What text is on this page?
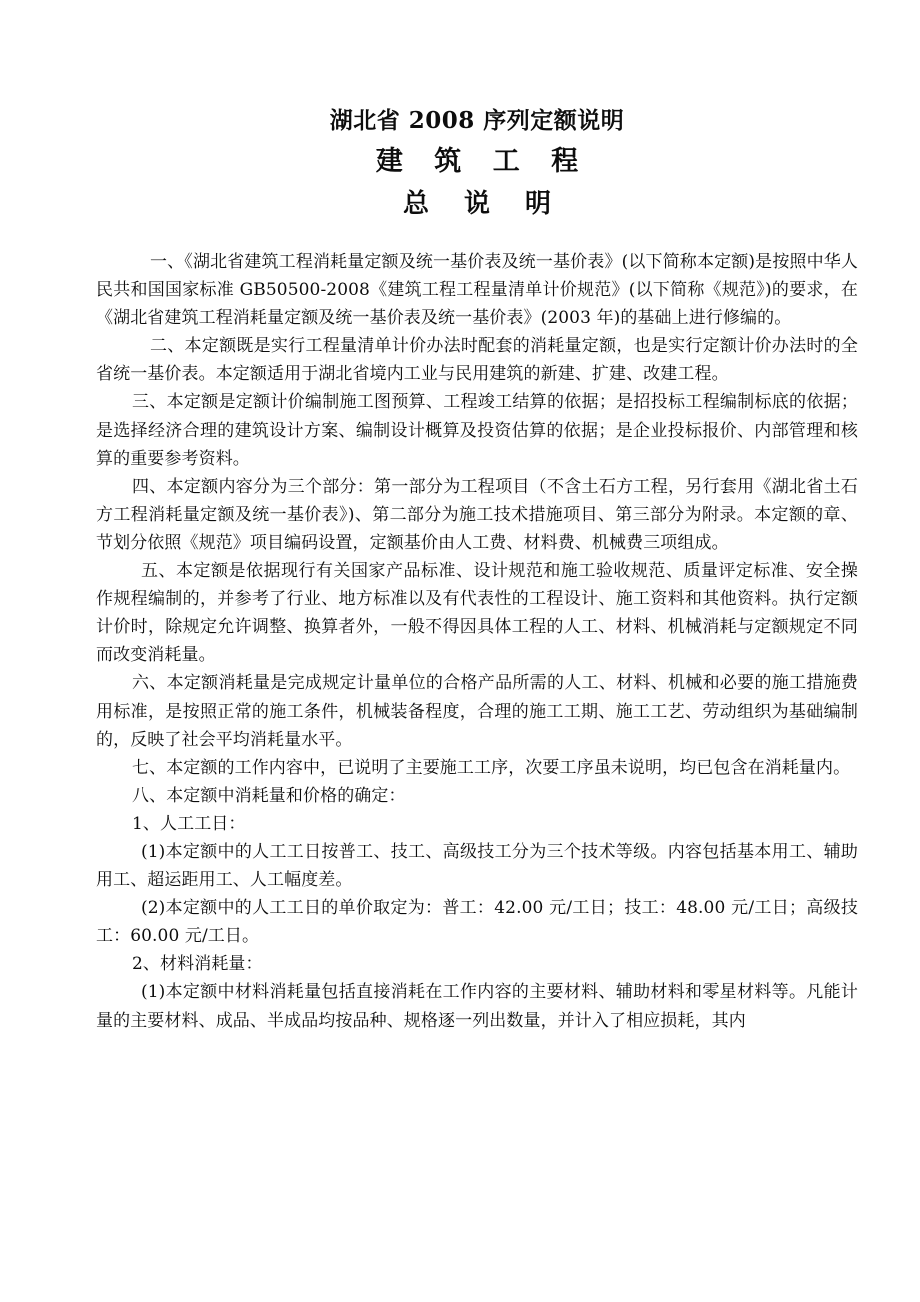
湖北省 2008 序列定额说明
建 筑 工 程
总 说 明

一、《湖北省建筑工程消耗量定额及统一基价表及统一基价表》(以下简称本定额)是按照中华人民共和国国家标准 GB50500-2008《建筑工程工程量清单计价规范》(以下简称《规范》)的要求，在《湖北省建筑工程消耗量定额及统一基价表及统一基价表》(2003 年)的基础上进行修编的。

二、本定额既是实行工程量清单计价办法时配套的消耗量定额，也是实行定额计价办法时的全省统一基价表。本定额适用于湖北省境内工业与民用建筑的新建、扩建、改建工程。

三、本定额是定额计价编制施工图预算、工程竣工结算的依据；是招投标工程编制标底的依据；是选择经济合理的建筑设计方案、编制设计概算及投资估算的依据；是企业投标报价、内部管理和核算的重要参考资料。

四、本定额内容分为三个部分：第一部分为工程项目（不含土石方工程，另行套用《湖北省土石方工程消耗量定额及统一基价表》)、第二部分为施工技术措施项目、第三部分为附录。本定额的章、节划分依照《规范》项目编码设置，定额基价由人工费、材料费、机械费三项组成。

五、本定额是依据现行有关国家产品标准、设计规范和施工验收规范、质量评定标准、安全操作规程编制的，并参考了行业、地方标准以及有代表性的工程设计、施工资料和其他资料。执行定额计价时，除规定允许调整、换算者外，一般不得因具体工程的人工、材料、机械消耗与定额规定不同而改变消耗量。

六、本定额消耗量是完成规定计量单位的合格产品所需的人工、材料、机械和必要的施工措施费用标准，是按照正常的施工条件，机械装备程度，合理的施工工期、施工工艺、劳动组织为基础编制的，反映了社会平均消耗量水平。

七、本定额的工作内容中，已说明了主要施工工序，次要工序虽未说明，均已包含在消耗量内。

八、本定额中消耗量和价格的确定：

1、人工工日：

(1)本定额中的人工工日按普工、技工、高级技工分为三个技术等级。内容包括基本用工、辅助用工、超运距用工、人工幅度差。

(2)本定额中的人工工日的单价取定为：普工：42.00 元/工日；技工：48.00 元/工日；高级技工：60.00 元/工日。

2、材料消耗量：

(1)本定额中材料消耗量包括直接消耗在工作内容的主要材料、辅助材料和零星材料等。凡能计量的主要材料、成品、半成品均按品种、规格逐一列出数量，并计入了相应损耗，其内
